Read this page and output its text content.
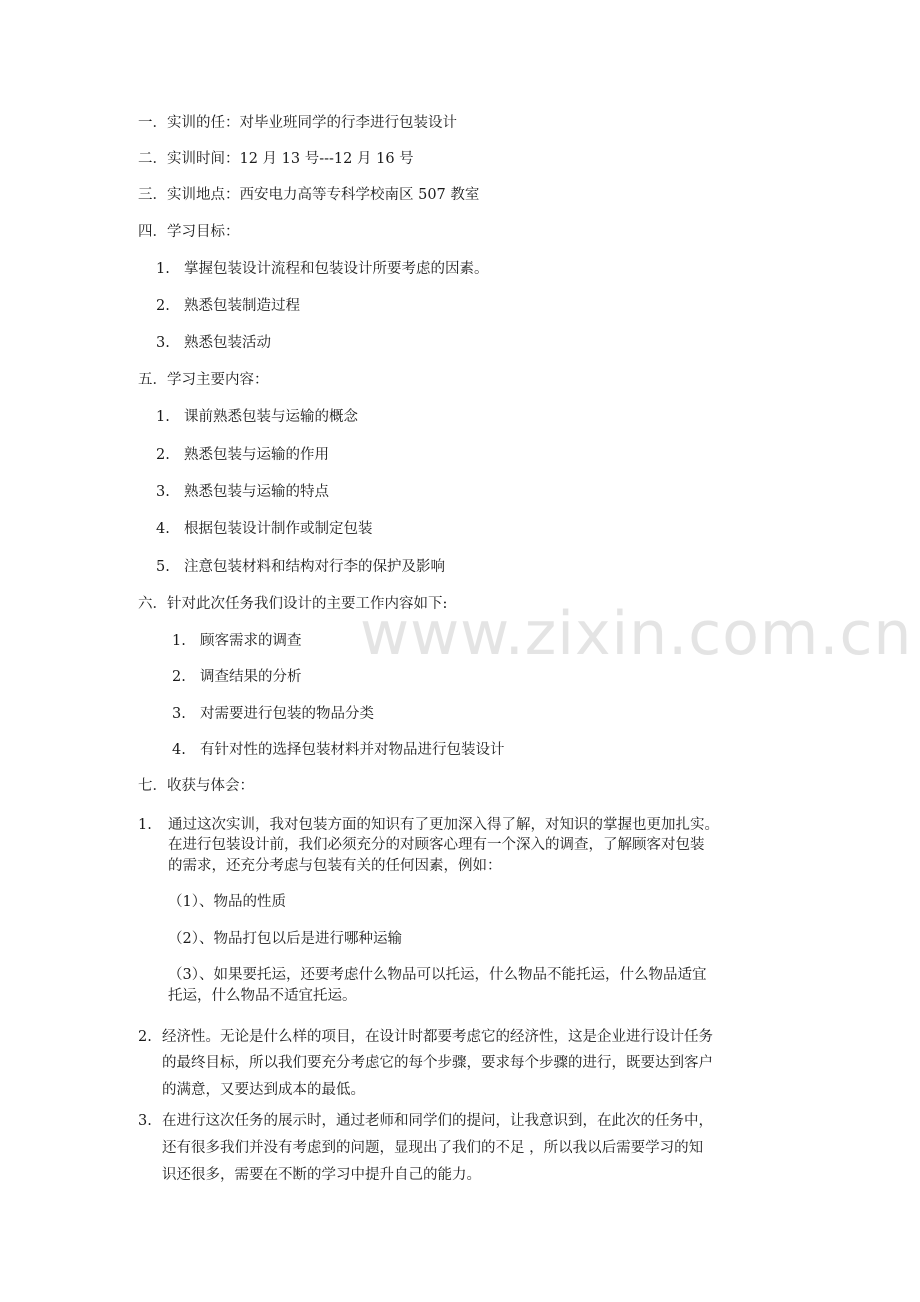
www.zixin.com.cn
一．实训的任：对毕业班同学的行李进行包装设计
二．实训时间：12 月 13 号---12 月 16 号
三．实训地点：西安电力高等专科学校南区 507 教室
四．学习目标：
1. 掌握包装设计流程和包装设计所要考虑的因素。
2. 熟悉包装制造过程
3. 熟悉包装活动
五．学习主要内容：
1. 课前熟悉包装与运输的概念
2. 熟悉包装与运输的作用
3. 熟悉包装与运输的特点
4. 根据包装设计制作或制定包装
5. 注意包装材料和结构对行李的保护及影响
六．针对此次任务我们设计的主要工作内容如下:
1. 顾客需求的调查
2. 调查结果的分析
3. 对需要进行包装的物品分类
4. 有针对性的选择包装材料并对物品进行包装设计
七．收获与体会：
1. 通过这次实训，我对包装方面的知识有了更加深入得了解，对知识的掌握也更加扎实。
在进行包装设计前，我们必须充分的对顾客心理有一个深入的调查，了解顾客对包装
的需求，还充分考虑与包装有关的任何因素，例如：
（1）、物品的性质
（2）、物品打包以后是进行哪种运输
（3）、如果要托运，还要考虑什么物品可以托运，什么物品不能托运，什么物品适宜
托运，什么物品不适宜托运。
2. 经济性。无论是什么样的项目，在设计时都要考虑它的经济性，这是企业进行设计任务
的最终目标，所以我们要充分考虑它的每个步骤，要求每个步骤的进行，既要达到客户
的满意，又要达到成本的最低。
3. 在进行这次任务的展示时，通过老师和同学们的提问，让我意识到，在此次的任务中，
还有很多我们并没有考虑到的问题，显现出了我们的不足 ，所以我以后需要学习的知
识还很多，需要在不断的学习中提升自己的能力。
